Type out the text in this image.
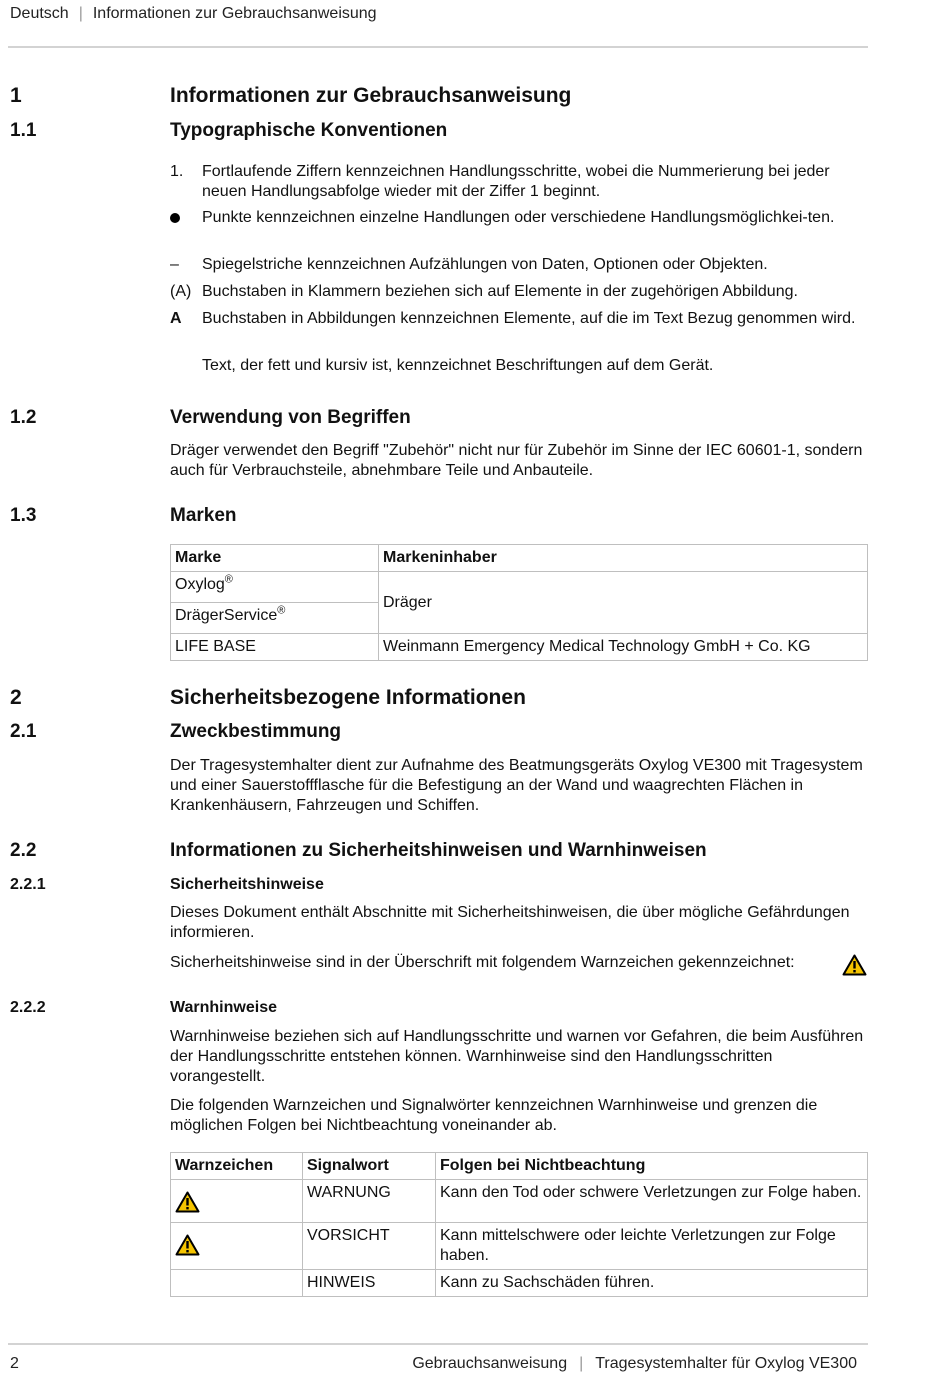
Deutsch | Informationen zur Gebrauchsanweisung
1	Informationen zur Gebrauchsanweisung
1.1	Typographische Konventionen
1.	Fortlaufende Ziffern kennzeichnen Handlungsschritte, wobei die Nummerierung bei jeder neuen Handlungsabfolge wieder mit der Ziffer 1 beginnt.
Punkte kennzeichnen einzelne Handlungen oder verschiedene Handlungsmöglichkei-ten.
–	Spiegelstriche kennzeichnen Aufzählungen von Daten, Optionen oder Objekten.
(A) Buchstaben in Klammern beziehen sich auf Elemente in der zugehörigen Abbildung.
A	Buchstaben in Abbildungen kennzeichnen Elemente, auf die im Text Bezug genommen wird.
Text, der fett und kursiv ist, kennzeichnet Beschriftungen auf dem Gerät.
1.2	Verwendung von Begriffen
Dräger verwendet den Begriff "Zubehör" nicht nur für Zubehör im Sinne der IEC 60601-1, sondern auch für Verbrauchsteile, abnehmbare Teile und Anbauteile.
1.3	Marken
Marke	Markeninhaber
Oxylog®	Dräger
DrägerService®
LIFE BASE	Weinmann Emergency Medical Technology GmbH + Co. KG
2	Sicherheitsbezogene Informationen
2.1	Zweckbestimmung
Der Tragesystemhalter dient zur Aufnahme des Beatmungsgeräts Oxylog VE300 mit Tragesystem und einer Sauerstoffflasche für die Befestigung an der Wand und waagrechten Flächen in Krankenhäusern, Fahrzeugen und Schiffen.
2.2	Informationen zu Sicherheitshinweisen und Warnhinweisen
2.2.1	Sicherheitshinweise
Dieses Dokument enthält Abschnitte mit Sicherheitshinweisen, die über mögliche Gefährdungen informieren.
Sicherheitshinweise sind in der Überschrift mit folgendem Warnzeichen gekennzeichnet:
2.2.2	Warnhinweise
Warnhinweise beziehen sich auf Handlungsschritte und warnen vor Gefahren, die beim Ausführen der Handlungsschritte entstehen können. Warnhinweise sind den Handlungsschritten vorangestellt.
Die folgenden Warnzeichen und Signalwörter kennzeichnen Warnhinweise und grenzen die möglichen Folgen bei Nichtbeachtung voneinander ab.
Warnzeichen	Signalwort	Folgen bei Nichtbeachtung
	WARNUNG	Kann den Tod oder schwere Verletzungen zur Folge haben.
	VORSICHT	Kann mittelschwere oder leichte Verletzungen zur Folge haben.
	HINWEIS	Kann zu Sachschäden führen.
2	Gebrauchsanweisung | Tragesystemhalter für Oxylog VE300
